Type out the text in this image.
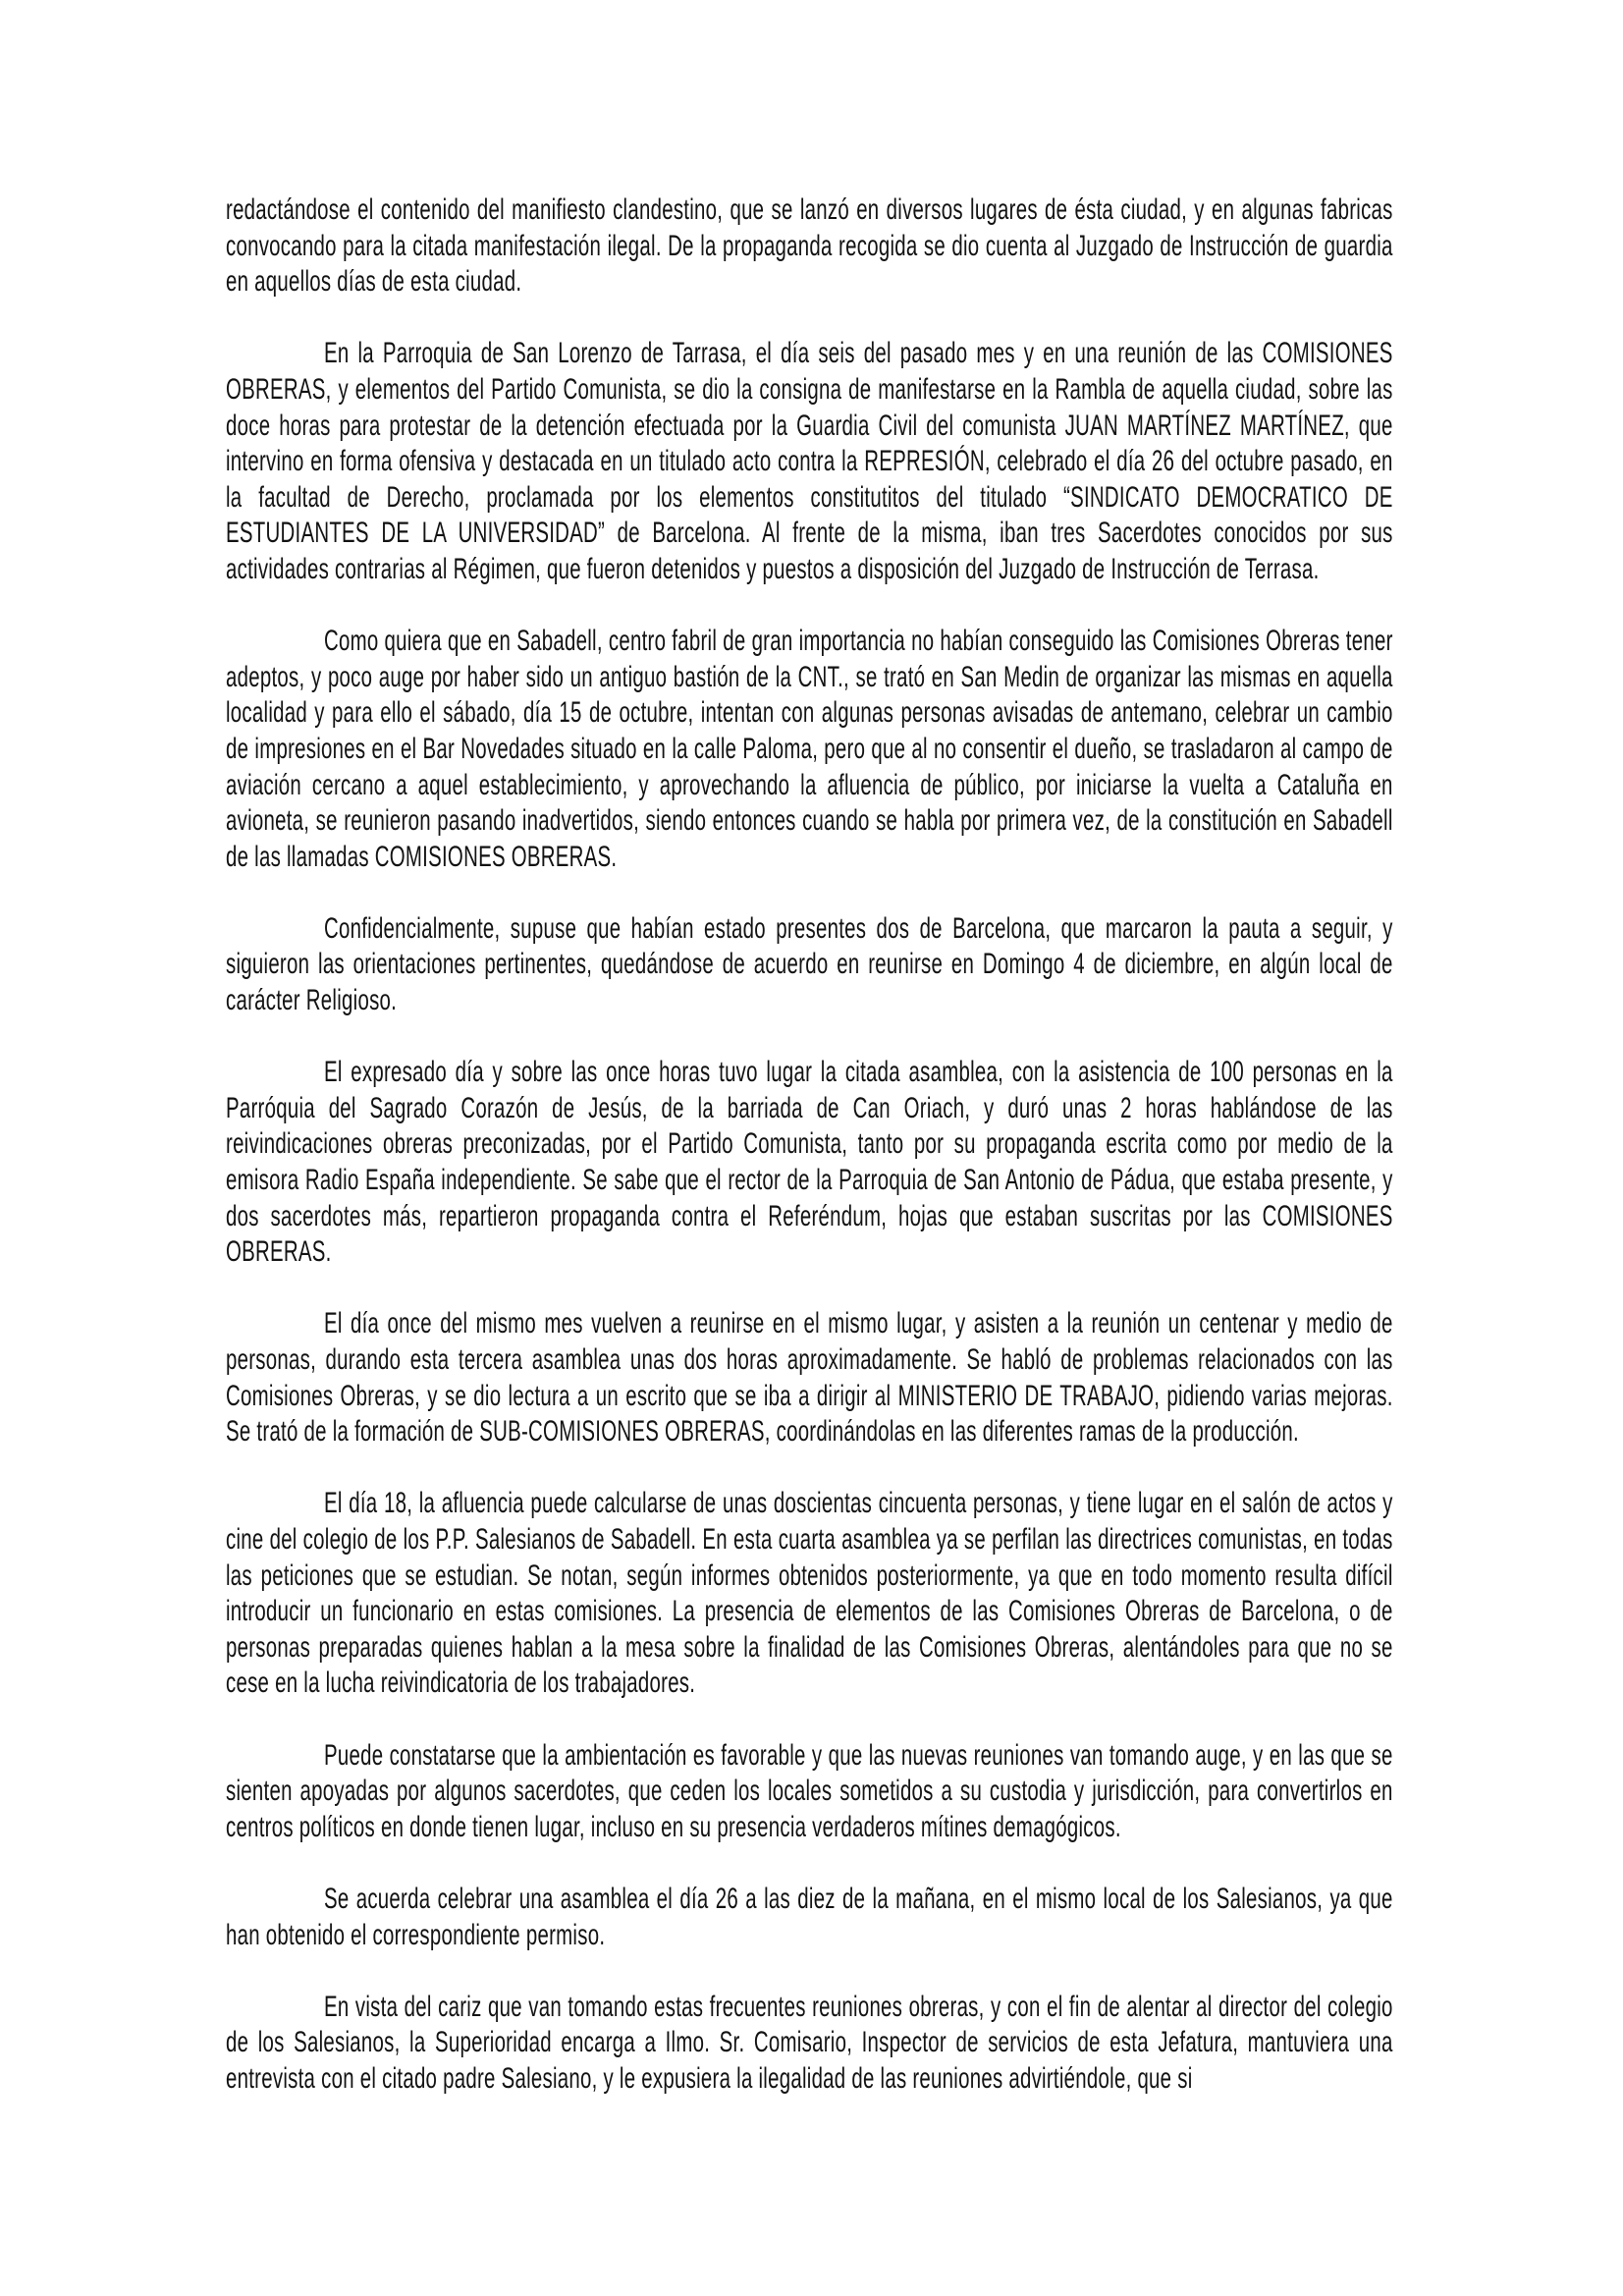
redactándose el contenido del manifiesto clandestino, que se lanzó en diversos lugares de ésta ciudad, y en algunas fabricas convocando para la citada manifestación ilegal. De la propaganda recogida se dio cuenta al Juzgado de Instrucción de guardia en aquellos días de esta ciudad.

En la Parroquia de San Lorenzo de Tarrasa, el día seis del pasado mes y en una reunión de las COMISIONES OBRERAS, y elementos del Partido Comunista, se dio la consigna de manifestarse en la Rambla de aquella ciudad, sobre las doce horas para protestar de la detención efectuada por la Guardia Civil del comunista JUAN MARTÍNEZ MARTÍNEZ, que intervino en forma ofensiva y destacada en un titulado acto contra la REPRESIÓN, celebrado el día 26 del octubre pasado, en la facultad de Derecho, proclamada por los elementos constitutitos del titulado “SINDICATO DEMOCRATICO DE ESTUDIANTES DE LA UNIVERSIDAD” de Barcelona. Al frente de la misma, iban tres Sacerdotes conocidos por sus actividades contrarias al Régimen, que fueron detenidos y puestos a disposición del Juzgado de Instrucción de Terrasa.

Como quiera que en Sabadell, centro fabril de gran importancia no habían conseguido las Comisiones Obreras tener adeptos, y poco auge por haber sido un antiguo bastión de la CNT., se trató en San Medin de organizar las mismas en aquella localidad y para ello el sábado, día 15 de octubre, intentan con algunas personas avisadas de antemano, celebrar un cambio de impresiones en el Bar Novedades situado en la calle Paloma, pero que al no consentir el dueño, se trasladaron al campo de aviación cercano a aquel establecimiento, y aprovechando la afluencia de público, por iniciarse la vuelta a Cataluña en avioneta, se reunieron pasando inadvertidos, siendo entonces cuando se habla por primera vez, de la constitución en Sabadell de las llamadas COMISIONES OBRERAS.

Confidencialmente, supuse que habían estado presentes dos de Barcelona, que marcaron la pauta a seguir, y siguieron las orientaciones pertinentes, quedándose de acuerdo en reunirse en Domingo 4 de diciembre, en algún local de carácter Religioso.

El expresado día y sobre las once horas tuvo lugar la citada asamblea, con la asistencia de 100 personas en la Parróquia del Sagrado Corazón de Jesús, de la barriada de Can Oriach, y duró unas 2 horas hablándose de las reivindicaciones obreras preconizadas, por el Partido Comunista, tanto por su propaganda escrita como por medio de la emisora Radio España independiente. Se sabe que el rector de la Parroquia de San Antonio de Pádua, que estaba presente, y dos sacerdotes más, repartieron propaganda contra el Referéndum, hojas que estaban suscritas por las COMISIONES OBRERAS.

El día once del mismo mes vuelven a reunirse en el mismo lugar, y asisten a la reunión un centenar y medio de personas, durando esta tercera asamblea unas dos horas aproximadamente. Se habló de problemas relacionados con las Comisiones Obreras, y se dio lectura a un escrito que se iba a dirigir al MINISTERIO DE TRABAJO, pidiendo varias mejoras. Se trató de la formación de SUB-COMISIONES OBRERAS, coordinándolas en las diferentes ramas de la producción.

El día 18, la afluencia puede calcularse de unas doscientas cincuenta personas, y tiene lugar en el salón de actos y cine del colegio de los P.P. Salesianos de Sabadell. En esta cuarta asamblea ya se perfilan las directrices comunistas, en todas las peticiones que se estudian. Se notan, según informes obtenidos posteriormente, ya que en todo momento resulta difícil introducir un funcionario en estas comisiones. La presencia de elementos de las Comisiones Obreras de Barcelona, o de personas preparadas quienes hablan a la mesa sobre la finalidad de las Comisiones Obreras, alentándoles para que no se cese en la lucha reivindicatoria de los trabajadores.

Puede constatarse que la ambientación es favorable y que las nuevas reuniones van tomando auge, y en las que se sienten apoyadas por algunos sacerdotes, que ceden los locales sometidos a su custodia y jurisdicción, para convertirlos en centros políticos en donde tienen lugar, incluso en su presencia verdaderos mítines demagógicos.

Se acuerda celebrar una asamblea el día 26 a las diez de la mañana, en el mismo local de los Salesianos, ya que han obtenido el correspondiente permiso.

En vista del cariz que van tomando estas frecuentes reuniones obreras, y con el fin de alentar al director del colegio de los Salesianos, la Superioridad encarga a Ilmo. Sr. Comisario, Inspector de servicios de esta Jefatura, mantuviera una entrevista con el citado padre Salesiano, y le expusiera la ilegalidad de las reuniones advirtiéndole, que si
